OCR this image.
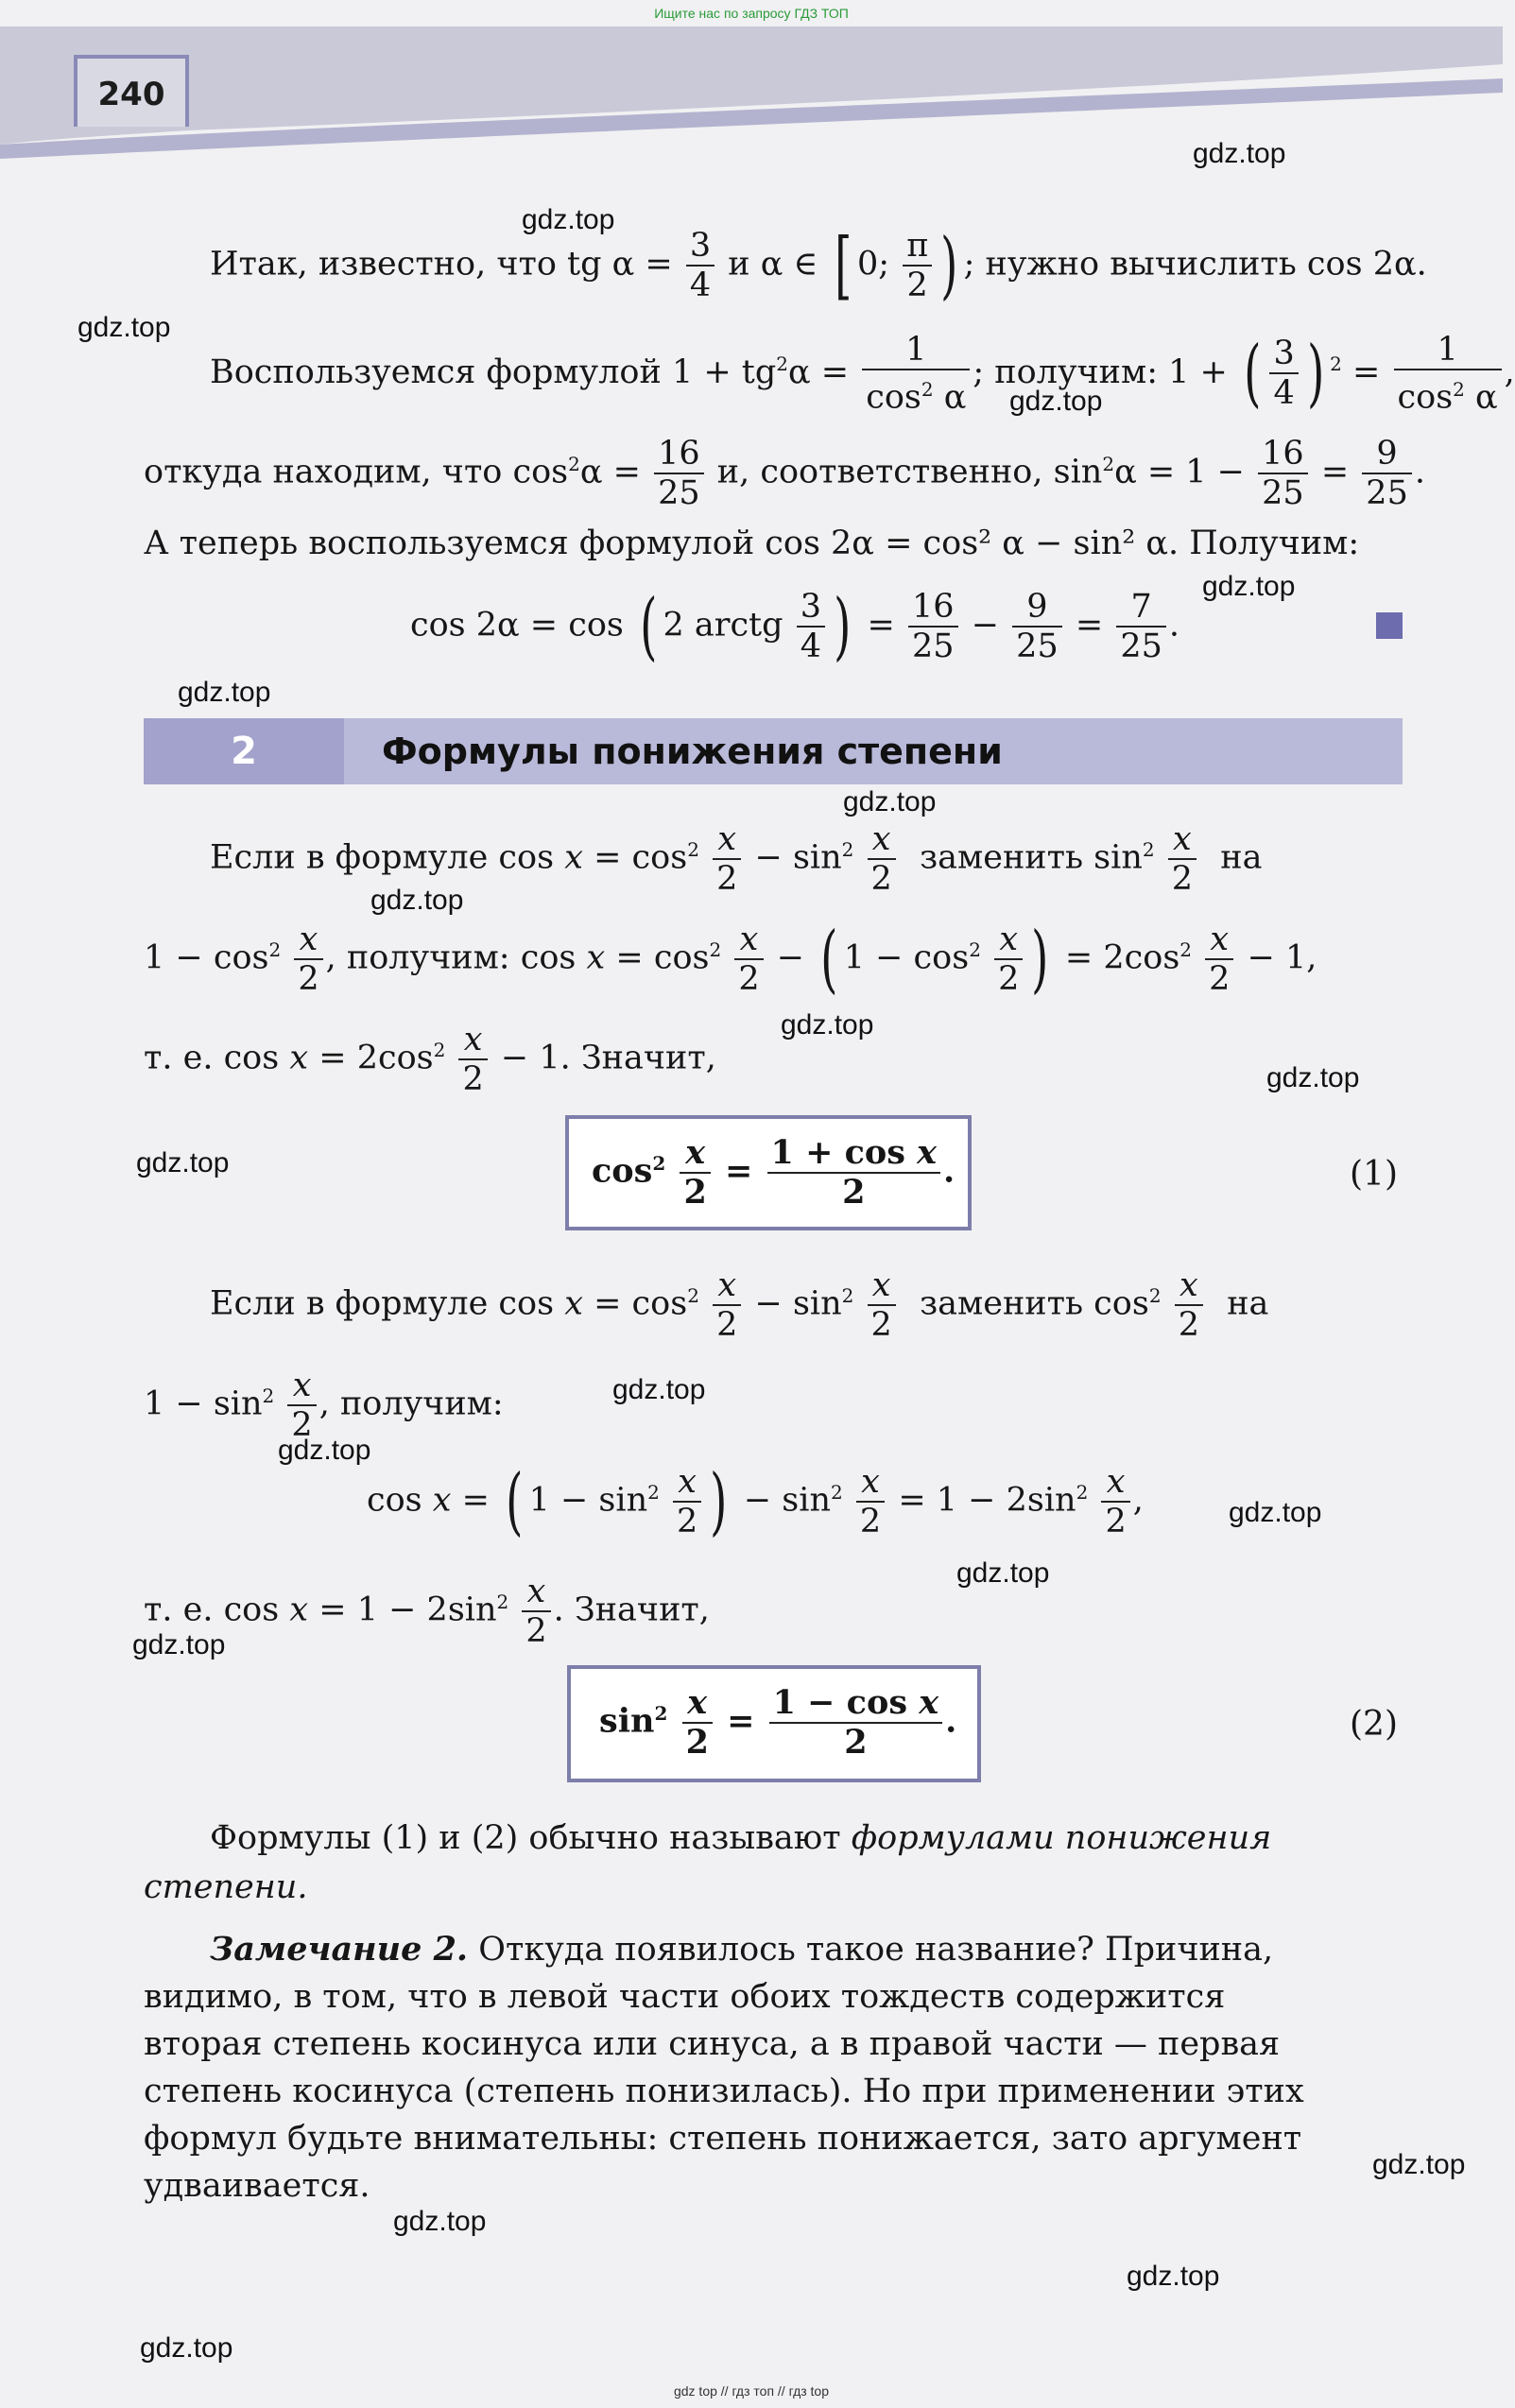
Ищите нас по запросу ГДЗ ТОП
240
gdz.top
gdz.top
gdz.top
gdz.top
gdz.top
gdz.top
gdz.top
gdz.top
gdz.top
gdz.top
gdz.top
gdz.top
gdz.top
gdz.top
gdz.top
gdz.top
gdz.top
gdz.top
gdz.top
gdz.top
Итак, известно, что tg $\alpha = \frac{3}{4}$ и α ∈ [ 0; $\frac{\pi}{2}$ ) ; нужно вычислить cos 2α.
Воспользуемся формулой $1 + tg^2\alpha = \frac{1}{\cos^2 \alpha}$ ; получим: 1 + ( $\frac{3}{4}$ ) $^2 = \frac{1}{\cos^2 \alpha}$ ,
откуда находим, что $\cos^2\alpha = \frac{16}{25} и$, соответственно, $\sin^2\alpha = 1 - \frac{16}{25} = \frac{9}{25}$ .
А теперь воспользуемся формулой cos 2α = cos² α − sin² α. Получим:
cos 2α = cos ( 2 arctg $\frac{3}{4}$ ) = $\frac{16}{25} - \frac{9}{25} = \frac{7}{25}$ .
2	Формулы понижения степени
Если в формуле $\cos x = \cos^2 \frac{x}{2} - \sin^2 \frac{x}{2}$ заменить $\sin^2 \frac{x}{2}$ на
$1 - \cos^2 \frac{x}{2}$ , получим: $\cos x = \cos^2 \frac{x}{2}$ − ( $1 - \cos^2 \frac{x}{2}$ ) = $2\cos^2 \frac{x}{2} - 1$,
т. е. $\cos x = 2\cos^2 \frac{x}{2} - 1$. Значит,
$\cos^2 \frac{x}{2} = \frac{\text{1 + cos x}}{2}$ .	(1)
Если в формуле $\cos x = \cos^2 \frac{x}{2} - \sin^2 \frac{x}{2}$ заменить $\cos^2 \frac{x}{2}$ на
$1 - \sin^2 \frac{x}{2}$ , получим:
cos x = ( $1 - \sin^2 \frac{x}{2}$ ) − $\sin^2 \frac{x}{2} = 1 - 2\sin^2 \frac{x}{2}$ ,
т. е. $\cos x = 1 - 2\sin^2 \frac{x}{2}$ . Значит,
$\sin^2 \frac{x}{2} = \frac{\text{1 − cos x}}{2}$ .	(2)
Формулы (1) и (2) обычно называют формулами понижения
степени.
Замечание 2. Откуда появилось такое название? Причина,
видимо, в том, что в левой части обоих тождеств содержится
вторая степень косинуса или синуса, а в правой части — первая
степень косинуса (степень понизилась). Но при применении этих
формул будьте внимательны: степень понижается, зато аргумент
удваивается.
gdz top // гдз топ // гдз top
